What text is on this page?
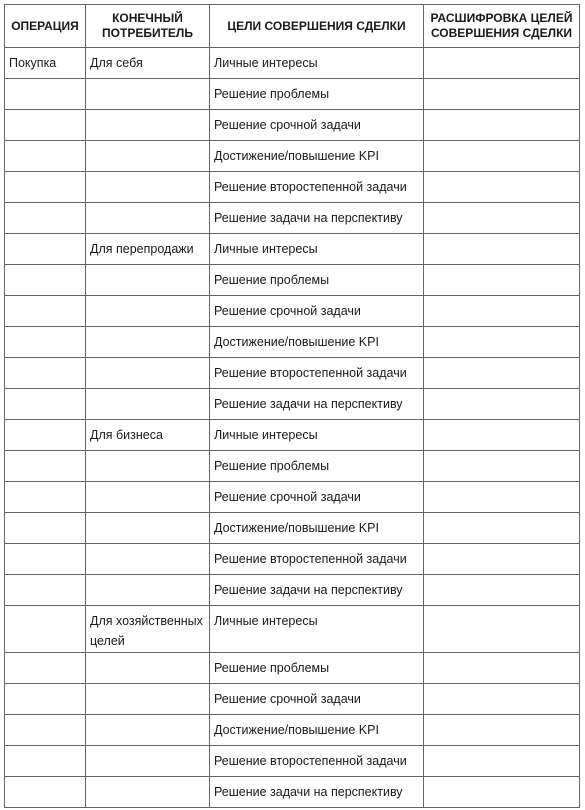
ОПЕРАЦИЯ	КОНЕЧНЫЙ ПОТРЕБИТЕЛЬ	ЦЕЛИ СОВЕРШЕНИЯ СДЕЛКИ	РАСШИФРОВКА ЦЕЛЕЙ СОВЕРШЕНИЯ СДЕЛКИ
Покупка	Для себя	Личные интересы	
		Решение проблемы	
		Решение срочной задачи	
		Достижение/повышение KPI	
		Решение второстепенной задачи	
		Решение задачи на перспективу	
	Для перепродажи	Личные интересы	
		Решение проблемы	
		Решение срочной задачи	
		Достижение/повышение KPI	
		Решение второстепенной задачи	
		Решение задачи на перспективу	
	Для бизнеса	Личные интересы	
		Решение проблемы	
		Решение срочной задачи	
		Достижение/повышение KPI	
		Решение второстепенной задачи	
		Решение задачи на перспективу	
	Для хозяйственных целей	Личные интересы	
		Решение проблемы	
		Решение срочной задачи	
		Достижение/повышение KPI	
		Решение второстепенной задачи	
		Решение задачи на перспективу	
